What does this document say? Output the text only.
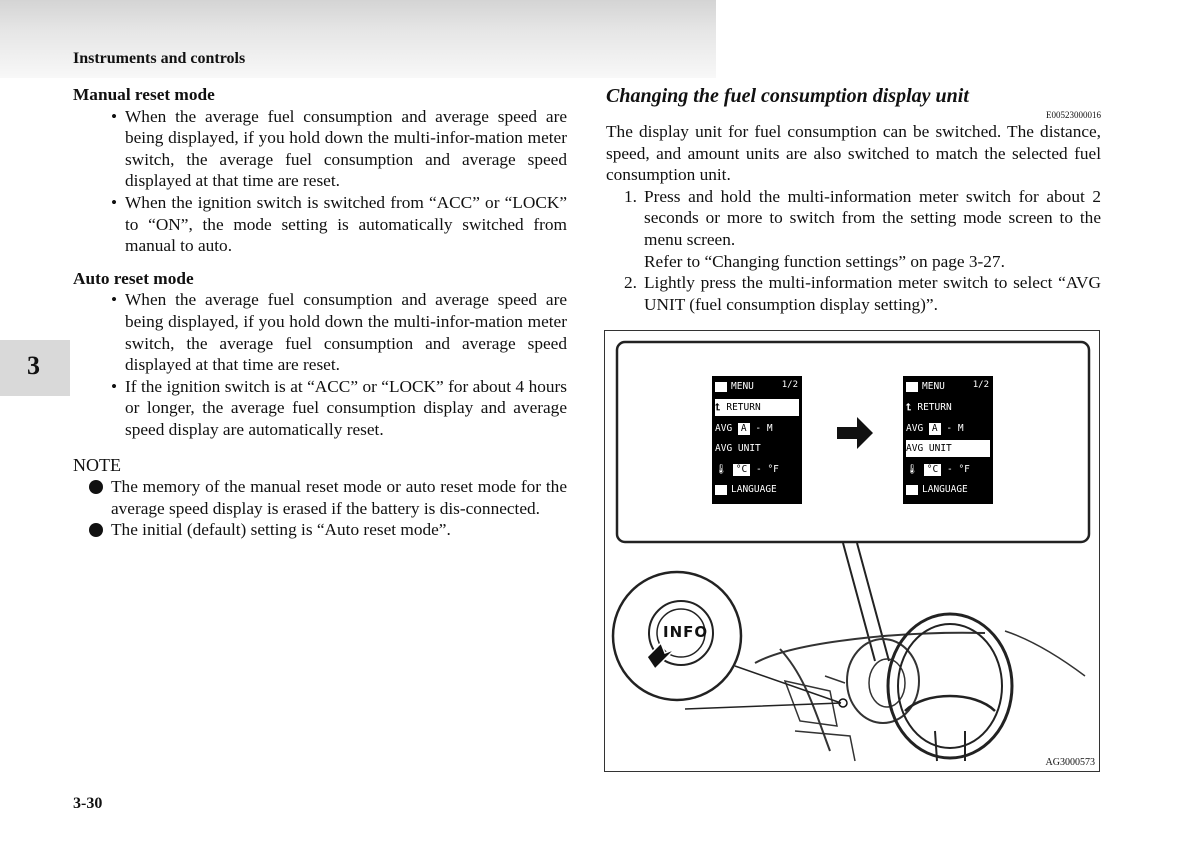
Instruments and controls
3
Manual reset mode
• When the average fuel consumption and average speed are being displayed, if you hold down the multi-infor-mation meter switch, the average fuel consumption and average speed displayed at that time are reset.
• When the ignition switch is switched from “ACC” or “LOCK” to “ON”, the mode setting is automatically switched from manual to auto.
Auto reset mode
• When the average fuel consumption and average speed are being displayed, if you hold down the multi-infor-mation meter switch, the average fuel consumption and average speed displayed at that time are reset.
• If the ignition switch is at “ACC” or “LOCK” for about 4 hours or longer, the average fuel consumption display and average speed display are automatically reset.
NOTE
The memory of the manual reset mode or auto reset mode for the average speed display is erased if the battery is dis-connected.
The initial (default) setting is “Auto reset mode”.
Changing the fuel consumption display unit
E00523000016
The display unit for fuel consumption can be switched. The distance, speed, and amount units are also switched to match the selected fuel consumption unit.
1. Press and hold the multi-information meter switch for about 2 seconds or more to switch from the setting mode screen to the menu screen.
Refer to “Changing function settings” on page 3-27.
2. Lightly press the multi-information meter switch to select “AVG UNIT (fuel consumption display setting)”.
INFO
MENU	1/2
⮤ RETURN
AVG A - M
AVG UNIT
🌡 °C - °F
LANGUAGE
MENU	1/2
⮤ RETURN
AVG A - M
AVG UNIT
🌡 °C - °F
LANGUAGE
AG3000573
3-30
